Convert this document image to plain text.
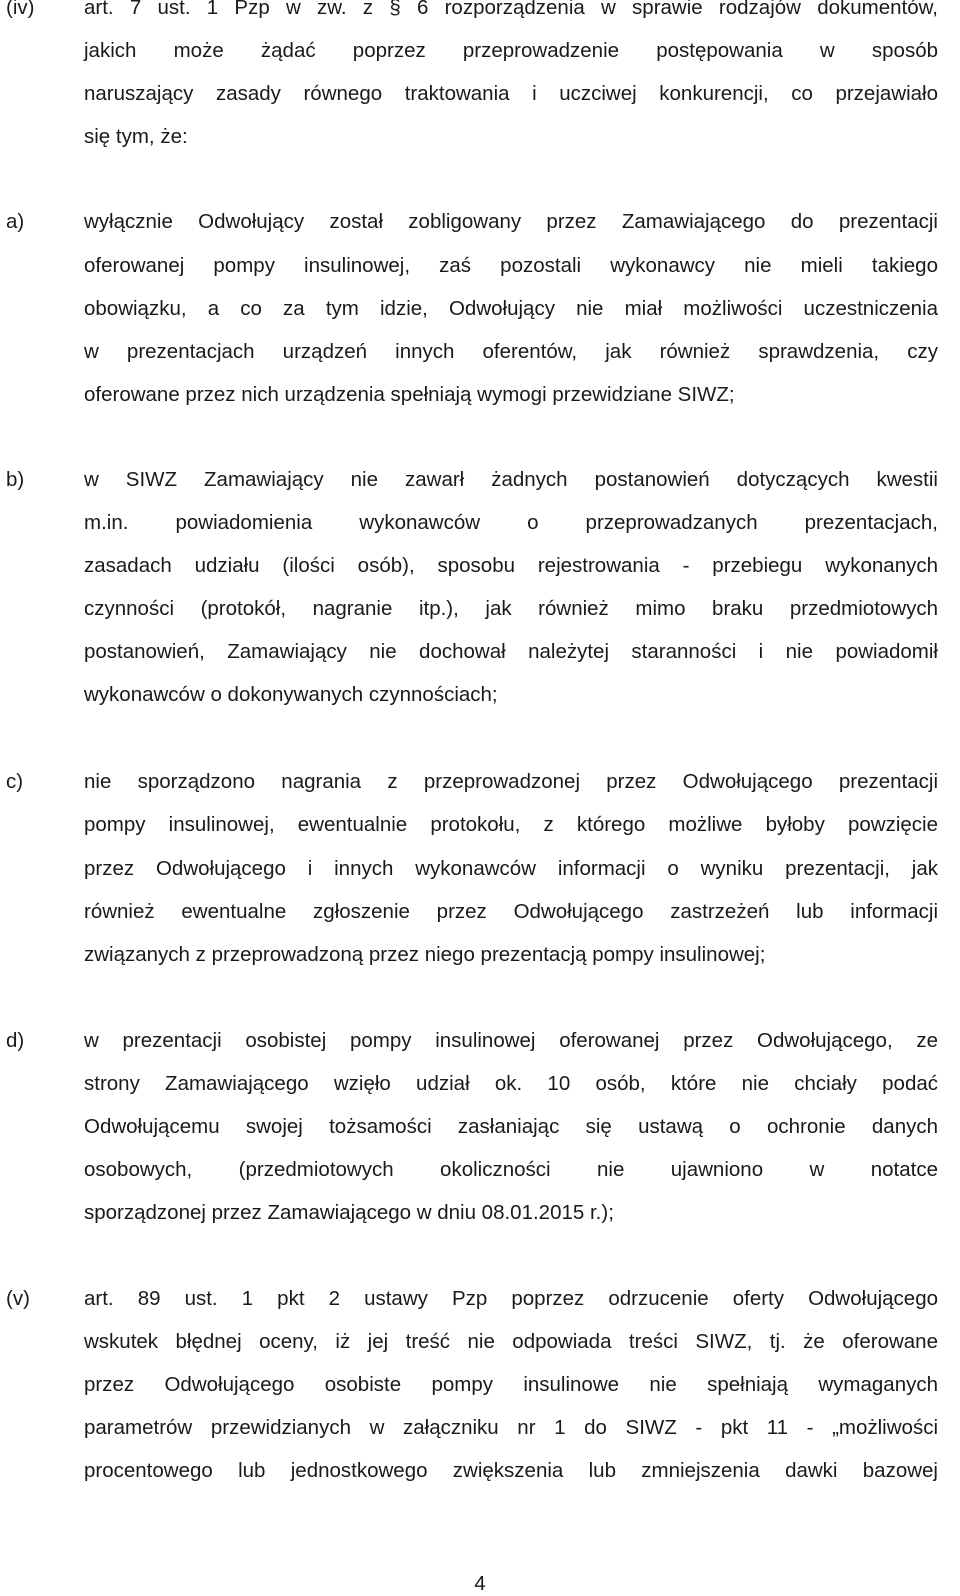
(iv) art. 7 ust. 1 Pzp w zw. z § 6 rozporządzenia w sprawie rodzajów dokumentów,
jakich może żądać poprzez przeprowadzenie postępowania w sposób
naruszający zasady równego traktowania i uczciwej konkurencji, co przejawiało
się tym, że:
a)	wyłącznie Odwołujący został zobligowany przez Zamawiającego do prezentacji
oferowanej pompy insulinowej, zaś pozostali wykonawcy nie mieli takiego
obowiązku, a co za tym idzie, Odwołujący nie miał możliwości uczestniczenia
w prezentacjach urządzeń innych oferentów, jak również sprawdzenia, czy
oferowane przez nich urządzenia spełniają wymogi przewidziane SIWZ;
b)	w SIWZ Zamawiający nie zawarł żadnych postanowień dotyczących kwestii
m.in. powiadomienia wykonawców o przeprowadzanych prezentacjach,
zasadach udziału (ilości osób), sposobu rejestrowania - przebiegu wykonanych
czynności (protokół, nagranie itp.), jak również mimo braku przedmiotowych
postanowień, Zamawiający nie dochował należytej staranności i nie powiadomił
wykonawców o dokonywanych czynnościach;
c)	nie sporządzono nagrania z przeprowadzonej przez Odwołującego prezentacji
pompy insulinowej, ewentualnie protokołu, z którego możliwe byłoby powzięcie
przez Odwołującego i innych wykonawców informacji o wyniku prezentacji, jak
również ewentualne zgłoszenie przez Odwołującego zastrzeżeń lub informacji
związanych z przeprowadzoną przez niego prezentacją pompy insulinowej;
d)	w prezentacji osobistej pompy insulinowej oferowanej przez Odwołującego, ze
strony Zamawiającego wzięło udział ok. 10 osób, które nie chciały podać
Odwołującemu swojej tożsamości zasłaniając się ustawą o ochronie danych
osobowych, (przedmiotowych okoliczności nie ujawniono w notatce
sporządzonej przez Zamawiającego w dniu 08.01.2015 r.);
(v)	art. 89 ust. 1 pkt 2 ustawy Pzp poprzez odrzucenie oferty Odwołującego
wskutek błędnej oceny, iż jej treść nie odpowiada treści SIWZ, tj. że oferowane
przez Odwołującego osobiste pompy insulinowe nie spełniają wymaganych
parametrów przewidzianych w załączniku nr 1 do SIWZ - pkt 11 - „możliwości
procentowego lub jednostkowego zwiększenia lub zmniejszenia dawki bazowej
4
